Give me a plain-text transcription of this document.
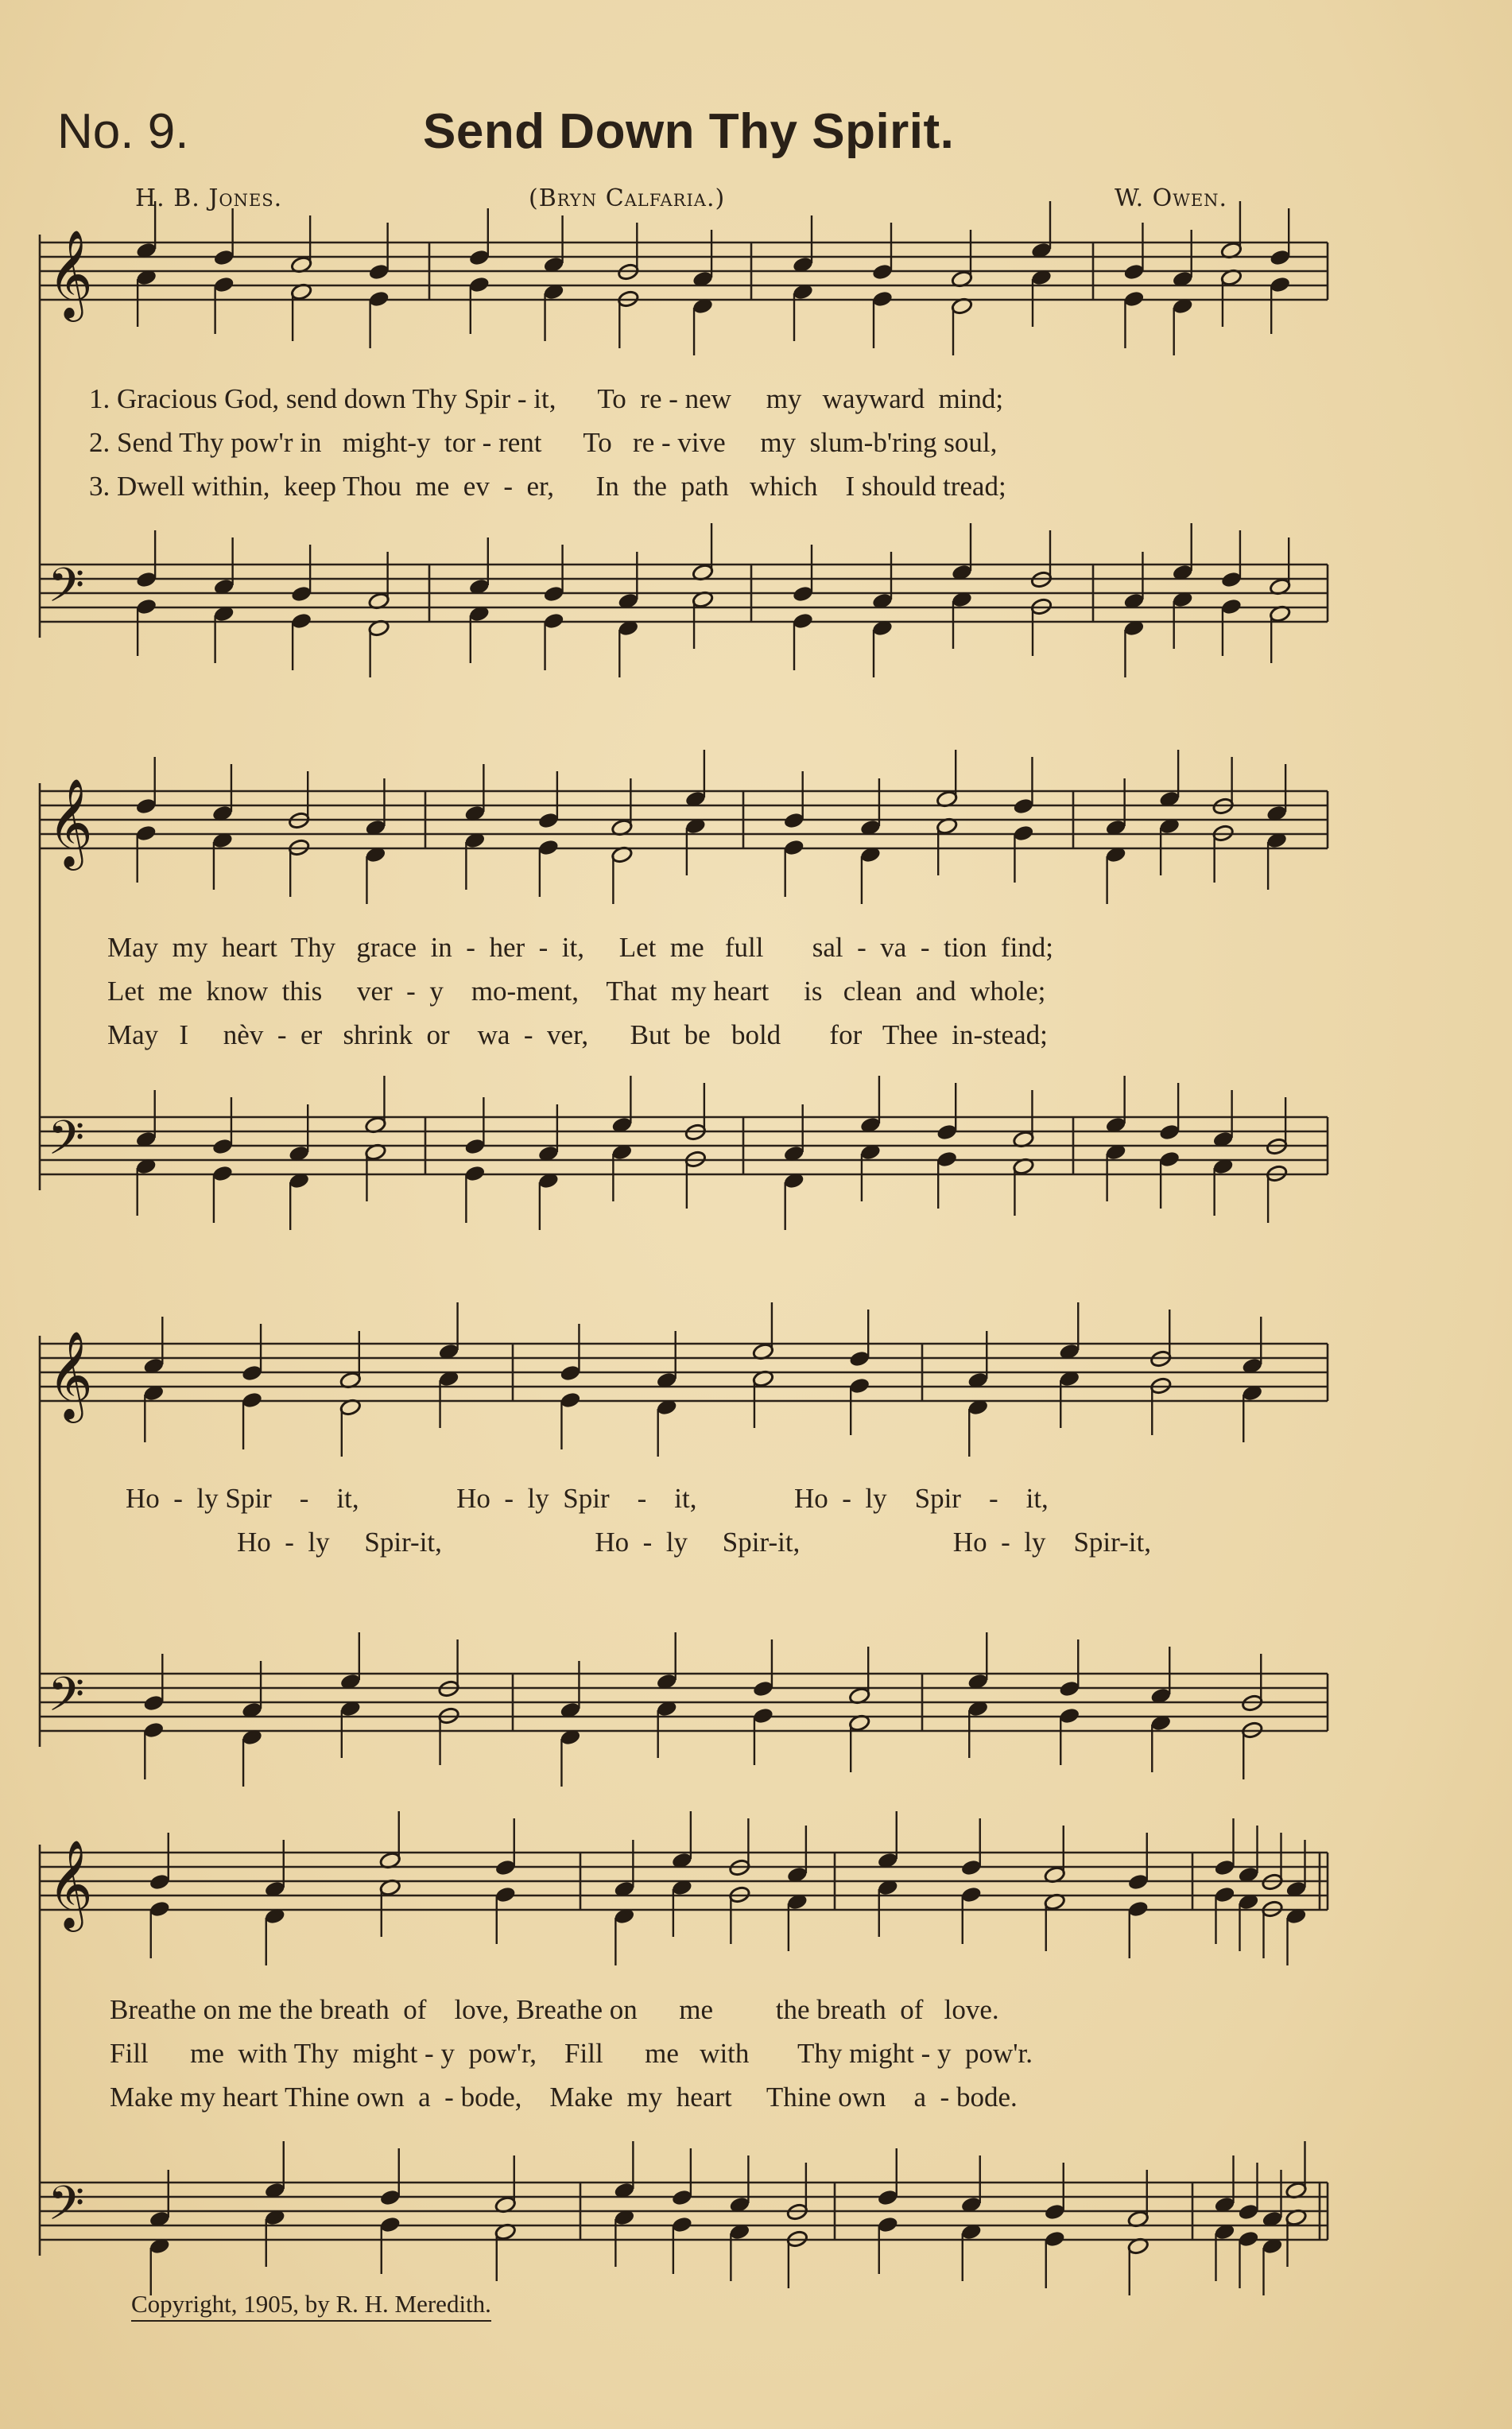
No. 9.	Send Down Thy Spirit.
H. B. Jones.	(Bryn Calfaria.)	W. Owen.
𝄞
𝄢
𝄞
𝄢
𝄞
𝄢
𝄞
𝄢
1. Gracious God, send down Thy Spir - it,      To  re - new     my   wayward  mind;
2. Send Thy pow'r in   might-y  tor - rent      To   re - vive     my  slum-b'ring soul,
3. Dwell within,  keep Thou  me  ev  -  er,      In  the  path   which    I should tread;
May  my  heart  Thy   grace  in  -  her  -  it,     Let  me   full       sal  -  va  -  tion  find;
Let  me  know  this     ver  -  y    mo-ment,    That  my heart     is   clean  and  whole;
May   I     nèv  -  er   shrink  or    wa  -  ver,      But  be   bold       for   Thee  in-stead;
Ho  -  ly Spir    -    it,              Ho  -  ly  Spir    -    it,              Ho  -  ly    Spir    -    it,
Ho  -  ly     Spir-it,                      Ho  -  ly     Spir-it,                      Ho  -  ly    Spir-it,
Breathe on me the breath  of    love, Breathe on      me         the breath  of   love.
Fill      me  with Thy  might - y  pow'r,    Fill      me   with       Thy might - y  pow'r.
Make my heart Thine own  a  - bode,    Make  my  heart     Thine own    a  - bode.
Copyright, 1905, by R. H. Meredith.
